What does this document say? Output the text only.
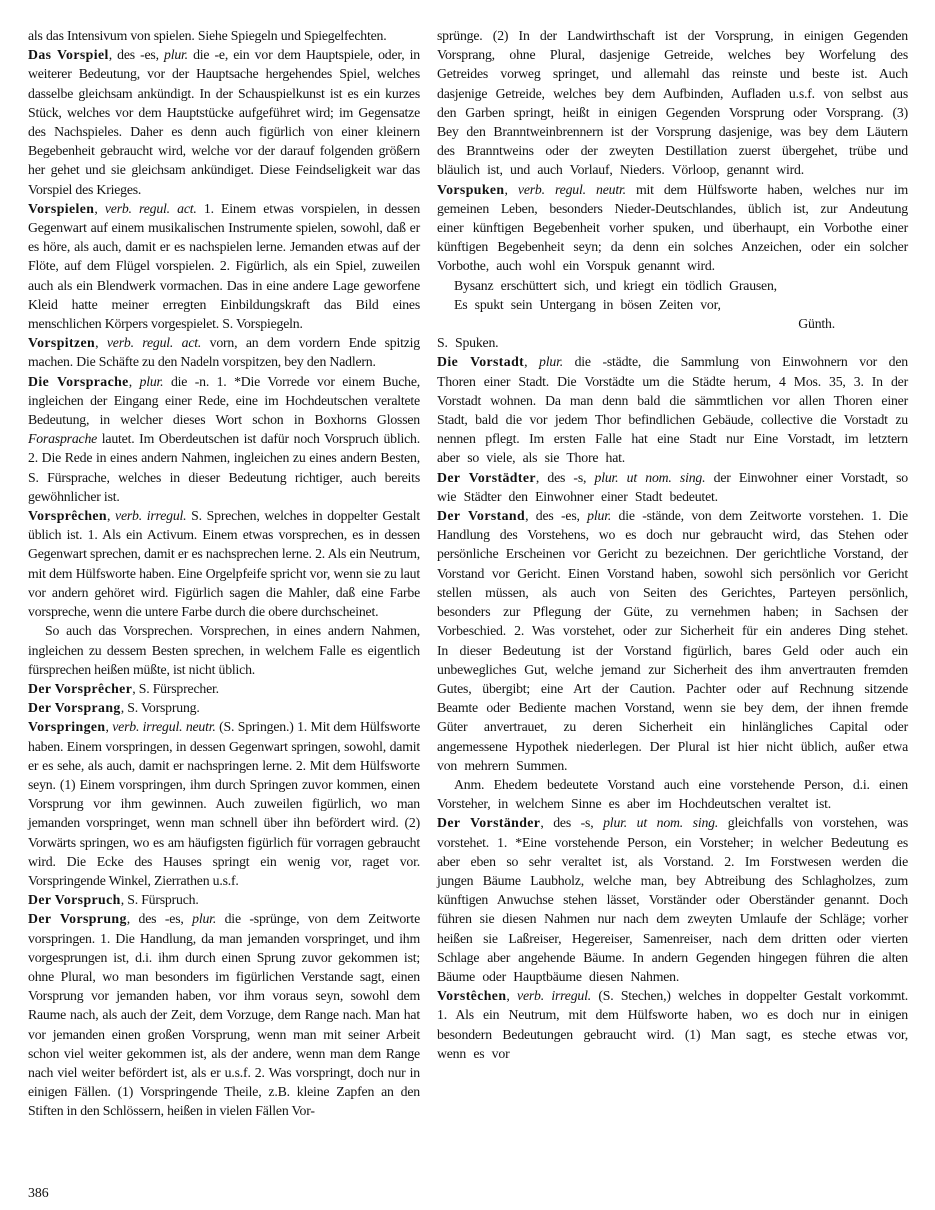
als das Intensivum von spielen. Siehe Spiegeln und Spiegelfechten.

Das Vorspiel, des -es, plur. die -e, ein vor dem Hauptspiele, oder, in weiterer Bedeutung, vor der Hauptsache hergehendes Spiel, welches dasselbe gleichsam ankündigt. In der Schauspielkunst ist es ein kurzes Stück, welches vor dem Hauptstücke aufgeführet wird; im Gegensatze des Nachspieles. Daher es denn auch figürlich von einer kleinern Begebenheit gebraucht wird, welche vor der darauf folgenden größern her gehet und sie gleichsam ankündiget. Diese Feindseligkeit war das Vorspiel des Krieges.

Vorspielen, verb. regul. act. 1. Einem etwas vorspielen, in dessen Gegenwart auf einem musikalischen Instrumente spielen, sowohl, daß er es höre, als auch, damit er es nachspielen lerne. Jemanden etwas auf der Flöte, auf dem Flügel vorspielen. 2. Figürlich, als ein Spiel, zuweilen auch als ein Blendwerk vormachen. Das in eine andere Lage geworfene Kleid hatte meiner erregten Einbildungskraft das Bild eines menschlichen Körpers vorgespielet. S. Vorspiegeln.

Vorspitzen, verb. regul. act. vorn, an dem vordern Ende spitzig machen. Die Schäfte zu den Nadeln vorspitzen, bey den Nadlern.

Die Vorsprache, plur. die -n. 1. *Die Vorrede vor einem Buche, ingleichen der Eingang einer Rede, eine im Hochdeutschen veraltete Bedeutung, in welcher dieses Wort schon in Boxhorns Glossen Forasprache lautet. Im Oberdeutschen ist dafür noch Vorspruch üblich. 2. Die Rede in eines andern Nahmen, ingleichen zu eines andern Besten, S. Fürsprache, welches in dieser Bedeutung richtiger, auch bereits gewöhnlicher ist.

Vorsprêchen, verb. irregul. S. Sprechen, welches in doppelter Gestalt üblich ist. 1. Als ein Activum. Einem etwas vorsprechen, es in dessen Gegenwart sprechen, damit er es nachsprechen lerne. 2. Als ein Neutrum, mit dem Hülfsworte haben. Eine Orgelpfeife spricht vor, wenn sie zu laut vor andern gehöret wird. Figürlich sagen die Mahler, daß eine Farbe vorspreche, wenn die untere Farbe durch die obere durchscheinet.

So auch das Vorsprechen. Vorsprechen, in eines andern Nahmen, ingleichen zu dessem Besten sprechen, in welchem Falle es eigentlich fürsprechen heißen müßte, ist nicht üblich.

Der Vorsprêcher, S. Fürsprecher.

Der Vorsprang, S. Vorsprung.

Vorspringen, verb. irregul. neutr. (S. Springen.) 1. Mit dem Hülfsworte haben. Einem vorspringen, in dessen Gegenwart springen, sowohl, damit er es sehe, als auch, damit er nachspringen lerne. 2. Mit dem Hülfsworte seyn. (1) Einem vorspringen, ihm durch Springen zuvor kommen, einen Vorsprung vor ihm gewinnen. Auch zuweilen figürlich, wo man jemanden vorspringet, wenn man schnell über ihn befördert wird. (2) Vorwärts springen, wo es am häufigsten figürlich für vorragen gebraucht wird. Die Ecke des Hauses springt ein wenig vor, raget vor. Vorspringende Winkel, Zierrathen u.s.f.

Der Vorspruch, S. Fürspruch.

Der Vorsprung, des -es, plur. die -sprünge, von dem Zeitworte vorspringen. 1. Die Handlung, da man jemanden vorspringet, und ihm vorgesprungen ist, d.i. ihm durch einen Sprung zuvor gekommen ist; ohne Plural, wo man besonders im figürlichen Verstande sagt, einen Vorsprung vor jemanden haben, vor ihm voraus seyn, sowohl dem Raume nach, als auch der Zeit, dem Vorzuge, dem Range nach. Man hat vor jemanden einen großen Vorsprung, wenn man mit seiner Arbeit schon viel weiter gekommen ist, als der andere, wenn man dem Range nach viel weiter befördert ist, als er u.s.f. 2. Was vorspringt, doch nur in einigen Fällen. (1) Vorspringende Theile, z.B. kleine Zapfen an den Stiften in den Schlössern, heißen in vielen Fällen Vor-

sprünge. (2) In der Landwirthschaft ist der Vorsprung, in einigen Gegenden Vorsprang, ohne Plural, dasjenige Getreide, welches bey Worfelung des Getreides vorweg springet, und allemahl das reinste und beste ist. Auch dasjenige Getreide, welches bey dem Aufbinden, Aufladen u.s.f. von selbst aus den Garben springt, heißt in einigen Gegenden Vorsprung oder Vorsprang. (3) Bey den Branntweinbrennern ist der Vorsprung dasjenige, was bey dem Läutern des Branntweins oder der zweyten Destillation zuerst übergehet, trübe und bläulich ist, und auch Vorlauf, Nieders. Vörloop, genannt wird.

Vorspuken, verb. regul. neutr. mit dem Hülfsworte haben, welches nur im gemeinen Leben, besonders Nieder-Deutschlandes, üblich ist, zur Andeutung einer künftigen Begebenheit vorher spuken, und überhaupt, ein Vorbothe einer künftigen Begebenheit seyn; da denn ein solches Anzeichen, oder ein solcher Vorbothe, auch wohl ein Vorspuk genannt wird.

Bysanz erschüttert sich, und kriegt ein tödlich Grausen,

Es spukt sein Untergang in bösen Zeiten vor,

Günth.

S. Spuken.

Die Vorstadt, plur. die -städte, die Sammlung von Einwohnern vor den Thoren einer Stadt. Die Vorstädte um die Städte herum, 4 Mos. 35, 3. In der Vorstadt wohnen. Da man denn bald die sämmtlichen vor allen Thoren einer Stadt, bald die vor jedem Thor befindlichen Gebäude, collective die Vorstadt zu nennen pflegt. Im ersten Falle hat eine Stadt nur Eine Vorstadt, im letztern aber so viele, als sie Thore hat.

Der Vorstädter, des -s, plur. ut nom. sing. der Einwohner einer Vorstadt, so wie Städter den Einwohner einer Stadt bedeutet.

Der Vorstand, des -es, plur. die -stände, von dem Zeitworte vorstehen. 1. Die Handlung des Vorstehens, wo es doch nur gebraucht wird, das Stehen oder persönliche Erscheinen vor Gericht zu bezeichnen. Der gerichtliche Vorstand, der Vorstand vor Gericht. Einen Vorstand haben, sowohl sich persönlich vor Gericht stellen müssen, als auch von Seiten des Gerichtes, Parteyen persönlich, besonders zur Pflegung der Güte, zu vernehmen haben; in Sachsen der Vorbeschied. 2. Was vorstehet, oder zur Sicherheit für ein anderes Ding stehet. In dieser Bedeutung ist der Vorstand figürlich, bares Geld oder auch ein unbewegliches Gut, welche jemand zur Sicherheit des ihm anvertrauten fremden Gutes, übergibt; eine Art der Caution. Pachter oder auf Rechnung sitzende Beamte oder Bediente machen Vorstand, wenn sie bey dem, der ihnen fremde Güter anvertrauet, zu deren Sicherheit ein hinlängliches Capital oder angemessene Hypothek niederlegen. Der Plural ist hier nicht üblich, außer etwa von mehrern Summen.

Anm. Ehedem bedeutete Vorstand auch eine vorstehende Person, d.i. einen Vorsteher, in welchem Sinne es aber im Hochdeutschen veraltet ist.

Der Vorständer, des -s, plur. ut nom. sing. gleichfalls von vorstehen, was vorstehet. 1. *Eine vorstehende Person, ein Vorsteher; in welcher Bedeutung es aber eben so sehr veraltet ist, als Vorstand. 2. Im Forstwesen werden die jungen Bäume Laubholz, welche man, bey Abtreibung des Schlagholzes, zum künftigen Anwuchse stehen lässet, Vorständer oder Oberständer genannt. Doch führen sie diesen Nahmen nur nach dem zweyten Umlaufe der Schläge; vorher heißen sie Laßreiser, Hegereiser, Samenreiser, nach dem dritten oder vierten Schlage aber angehende Bäume. In andern Gegenden hingegen führen die alten Bäume oder Hauptbäume diesen Nahmen.

Vorstêchen, verb. irregul. (S. Stechen,) welches in doppelter Gestalt vorkommt. 1. Als ein Neutrum, mit dem Hülfsworte haben, wo es doch nur in einigen besondern Bedeutungen gebraucht wird. (1) Man sagt, es steche etwas vor, wenn es vor

386
